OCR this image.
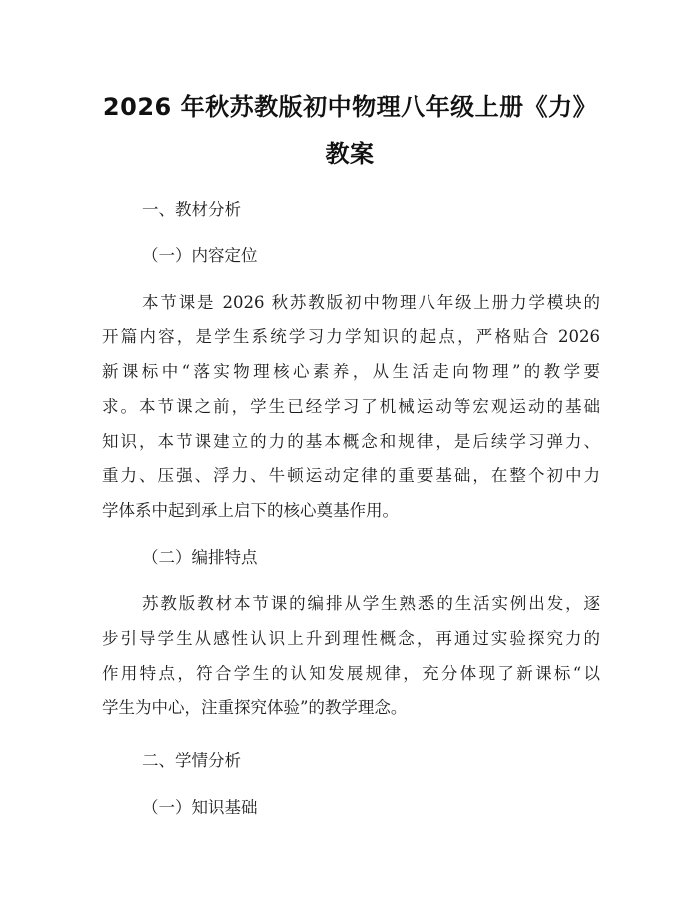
2026 年秋苏教版初中物理八年级上册《力》
教案
一、教材分析
（一）内容定位
本节课是 2026 秋苏教版初中物理八年级上册力学模块的
开篇内容，是学生系统学习力学知识的起点，严格贴合 2026
新课标中“落实物理核心素养，从生活走向物理”的教学要
求。本节课之前，学生已经学习了机械运动等宏观运动的基础
知识，本节课建立的力的基本概念和规律，是后续学习弹力、
重力、压强、浮力、牛顿运动定律的重要基础，在整个初中力
学体系中起到承上启下的核心奠基作用。
（二）编排特点
苏教版教材本节课的编排从学生熟悉的生活实例出发，逐
步引导学生从感性认识上升到理性概念，再通过实验探究力的
作用特点，符合学生的认知发展规律，充分体现了新课标“以
学生为中心，注重探究体验”的教学理念。
二、学情分析
（一）知识基础
